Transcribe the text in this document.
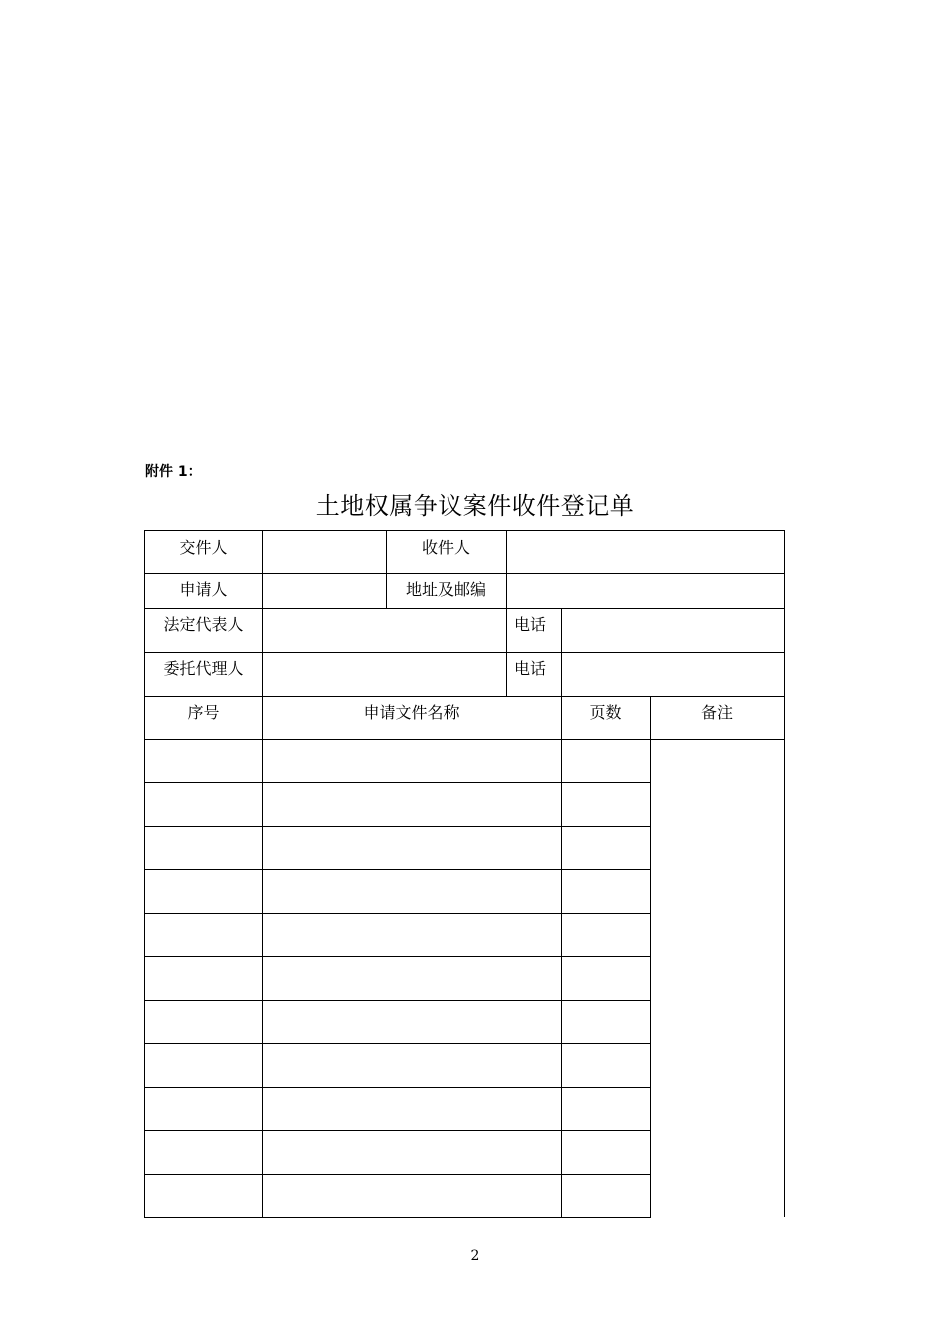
附件 1：
土地权属争议案件收件登记单
交件人	收件人
申请人	地址及邮编
法定代表人	电话
委托代理人	电话
序号	申请文件名称	页数	备注
2
